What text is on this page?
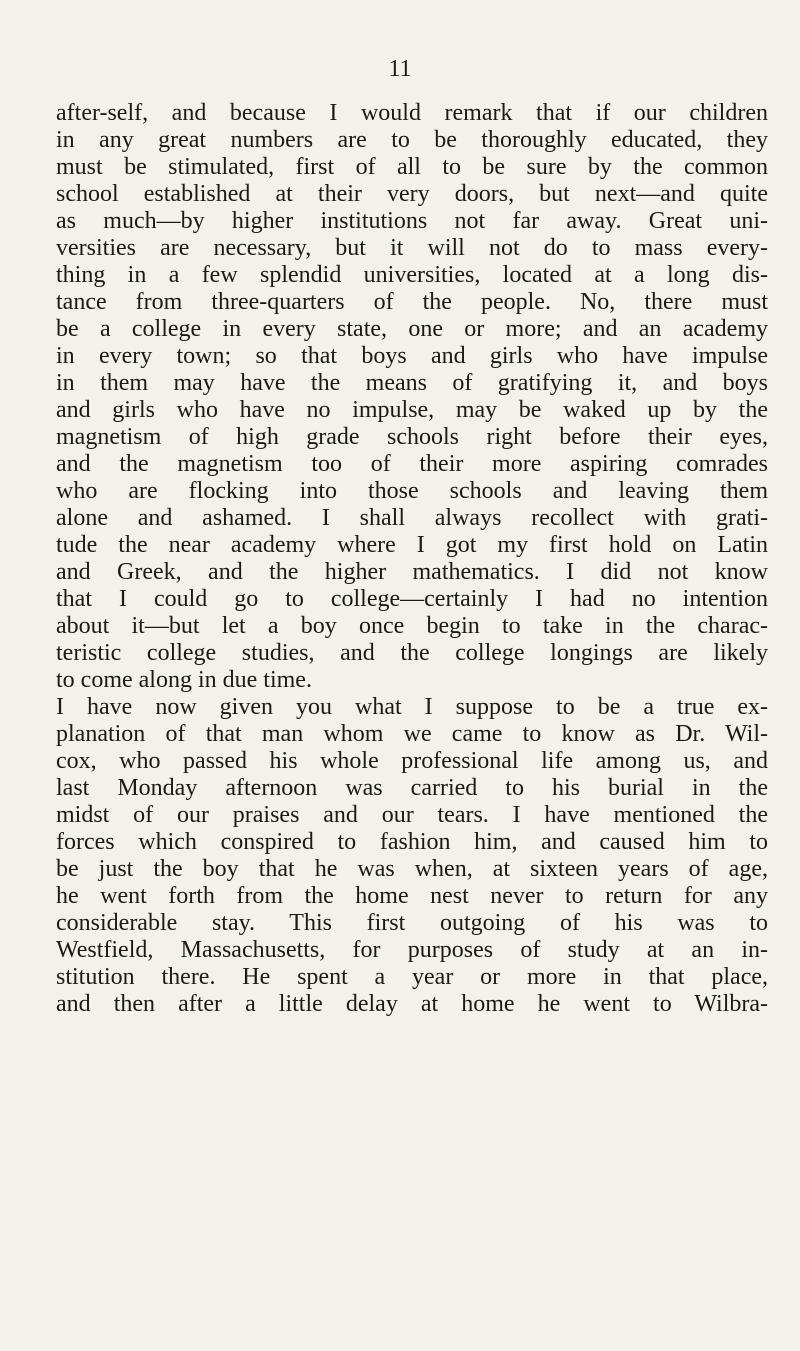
11
after-self, and because I would remark that if our children
in any great numbers are to be thoroughly educated, they
must be stimulated, first of all to be sure by the common
school established at their very doors, but next—and quite
as much—by higher institutions not far away. Great uni-
versities are necessary, but it will not do to mass every-
thing in a few splendid universities, located at a long dis-
tance from three-quarters of the people. No, there must
be a college in every state, one or more; and an academy
in every town; so that boys and girls who have impulse
in them may have the means of gratifying it, and boys
and girls who have no impulse, may be waked up by the
magnetism of high grade schools right before their eyes,
and the magnetism too of their more aspiring comrades
who are flocking into those schools and leaving them
alone and ashamed. I shall always recollect with grati-
tude the near academy where I got my first hold on Latin
and Greek, and the higher mathematics. I did not know
that I could go to college—certainly I had no intention
about it—but let a boy once begin to take in the charac-
teristic college studies, and the college longings are likely
to come along in due time.
I have now given you what I suppose to be a true ex-
planation of that man whom we came to know as Dr. Wil-
cox, who passed his whole professional life among us, and
last Monday afternoon was carried to his burial in the
midst of our praises and our tears. I have mentioned the
forces which conspired to fashion him, and caused him to
be just the boy that he was when, at sixteen years of age,
he went forth from the home nest never to return for any
considerable stay. This first outgoing of his was to
Westfield, Massachusetts, for purposes of study at an in-
stitution there. He spent a year or more in that place,
and then after a little delay at home he went to Wilbra-
